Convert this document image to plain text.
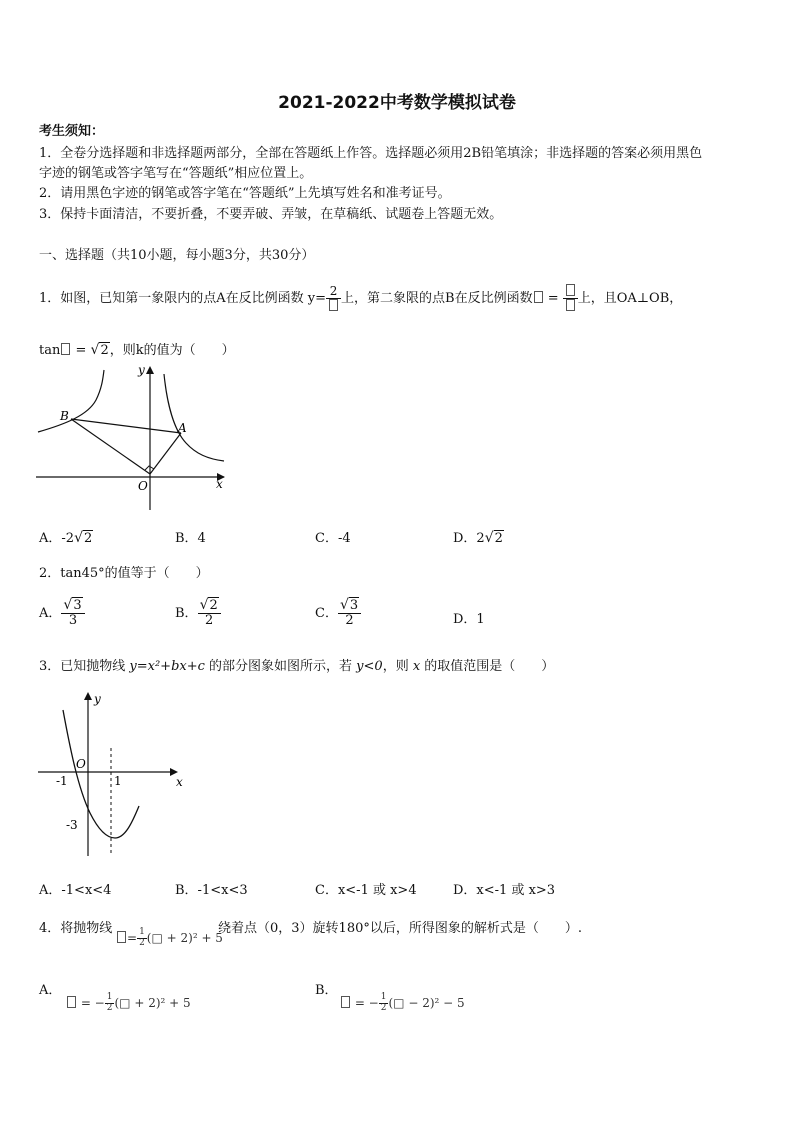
2021-2022中考数学模拟试卷
考生须知：
1．全卷分选择题和非选择题两部分，全部在答题纸上作答。选择题必须用2B铅笔填涂；非选择题的答案必须用黑色
字迹的钢笔或答字笔写在“答题纸”相应位置上。
2．请用黑色字迹的钢笔或答字笔在“答题纸”上先填写姓名和准考证号。
3．保持卡面清洁，不要折叠，不要弄破、弄皱，在草稿纸、试题卷上答题无效。
一、选择题（共10小题，每小题3分，共30分）
1．如图，已知第一象限内的点A在反比例函数 y=
2
上，第二象限的点B在反比例函数 =
上，且OA⊥OB，
tan = √2，则k的值为（　　）
B
A
O	x
y
A．-2√2	B．4	C．-4	D．2√2
2．tan45°的值等于（　　）
A． $\frac{√3}{3}$	B． $\frac{√2}{2}$	C． $\frac{√3}{2}$	D．1
3．已知抛物线 y=x²+bx+c 的部分图象如图所示，若 y<0，则 x 的取值范围是（　　）
O
-1	1
-3
x
y
A．-1<x<4	B．-1<x<3	C．x<-1 或 x>4	D．x<-1 或 x>3
4．将抛物线
= $\frac{1}{2}$ (□ + 2)² + 5
绕着点（0，3）旋转180°以后，所得图象的解析式是（　　）.
A．
= − $\frac{1}{2}$ (□ + 2)² + 5
B．
= − $\frac{1}{2}$ (□ − 2)² − 5
